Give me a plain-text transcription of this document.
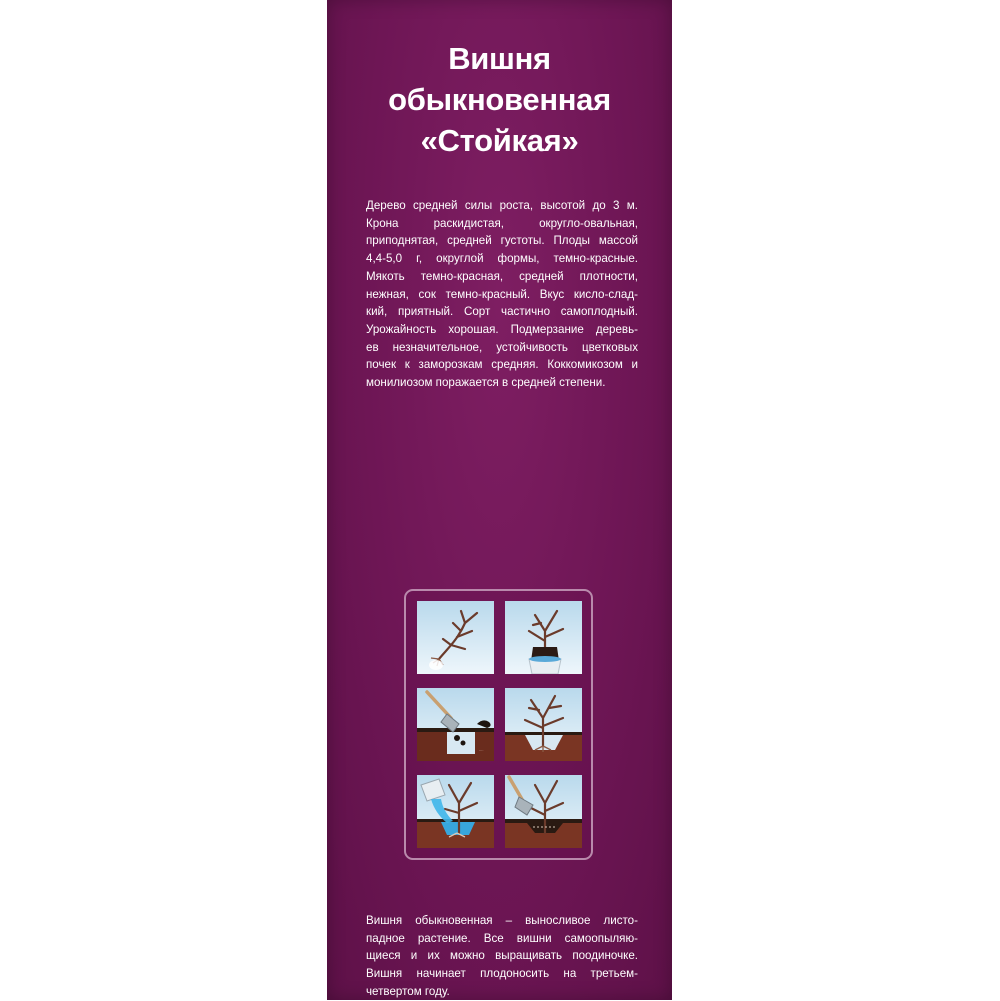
Вишня
обыкновенная
«Стойкая»
Дерево средней силы роста, высотой до 3 м.
Крона раскидистая, округло-овальная,
приподнятая, средней густоты. Плоды массой
4,4-5,0 г, округлой формы, темно-красные.
Мякоть темно-красная, средней плотности,
нежная, сок темно-красный. Вкус кисло-слад-
кий, приятный. Сорт частично самоплодный.
Урожайность хорошая. Подмерзание деревь-
ев незначительное, устойчивость цветковых
почек к заморозкам средняя. Коккомикозом и
монилиозом поражается в средней степени.
....
Вишня обыкновенная – выносливое листо-
падное растение. Все вишни самоопыляю-
щиеся и их можно выращивать поодиночке.
Вишня начинает плодоносить на третьем-
четвертом году.
